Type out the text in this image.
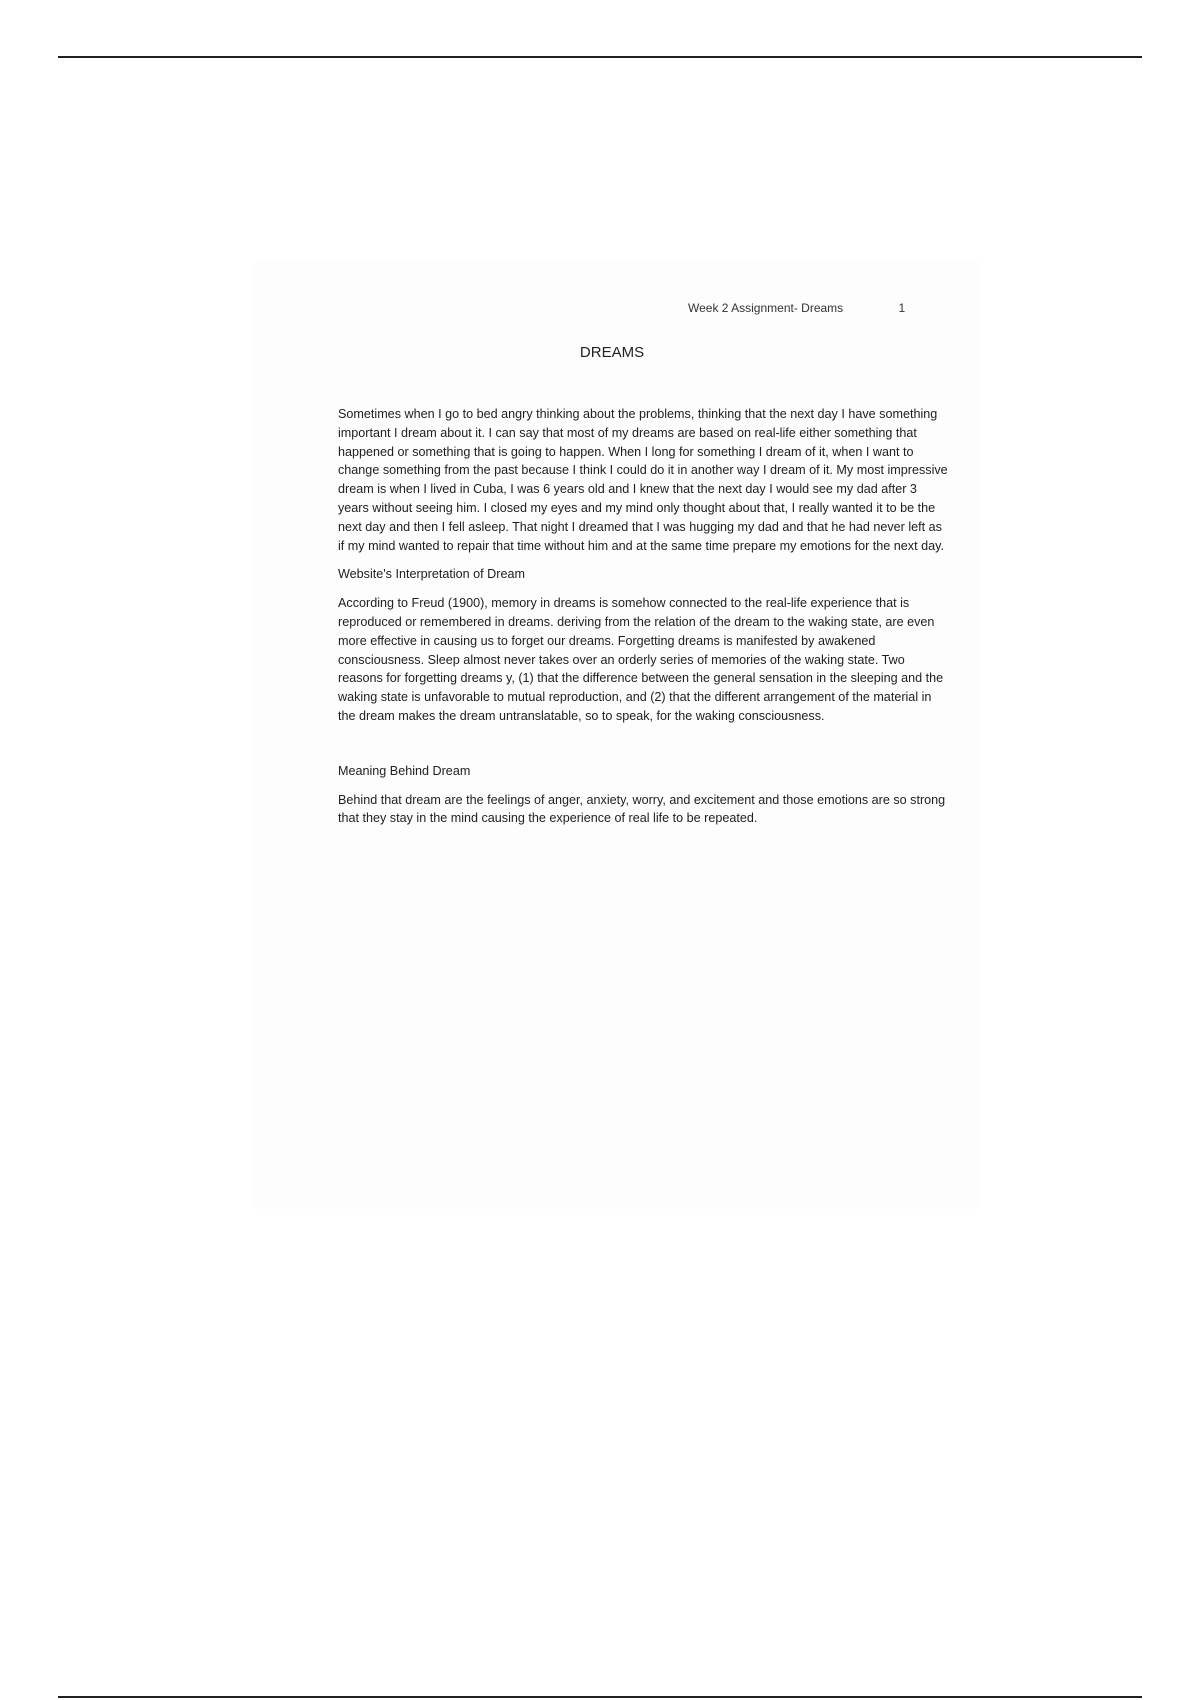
Week 2 Assignment- Dreams	1
DREAMS

Sometimes when I go to bed angry thinking about the problems, thinking that the next day I have something important I dream about it. I can say that most of my dreams are based on real-life either something that happened or something that is going to happen. When I long for something I dream of it, when I want to change something from the past because I think I could do it in another way I dream of it. My most impressive dream is when I lived in Cuba, I was 6 years old and I knew that the next day I would see my dad after 3 years without seeing him. I closed my eyes and my mind only thought about that, I really wanted it to be the next day and then I fell asleep. That night I dreamed that I was hugging my dad and that he had never left as if my mind wanted to repair that time without him and at the same time prepare my emotions for the next day.

Website's Interpretation of Dream

According to Freud (1900), memory in dreams is somehow connected to the real-life experience that is reproduced or remembered in dreams. deriving from the relation of the dream to the waking state, are even more effective in causing us to forget our dreams. Forgetting dreams is manifested by awakened consciousness. Sleep almost never takes over an orderly series of memories of the waking state. Two reasons for forgetting dreams y, (1) that the difference between the general sensation in the sleeping and the waking state is unfavorable to mutual reproduction, and (2) that the different arrangement of the material in the dream makes the dream untranslatable, so to speak, for the waking consciousness.

Meaning Behind Dream

Behind that dream are the feelings of anger, anxiety, worry, and excitement and those emotions are so strong that they stay in the mind causing the experience of real life to be repeated.
